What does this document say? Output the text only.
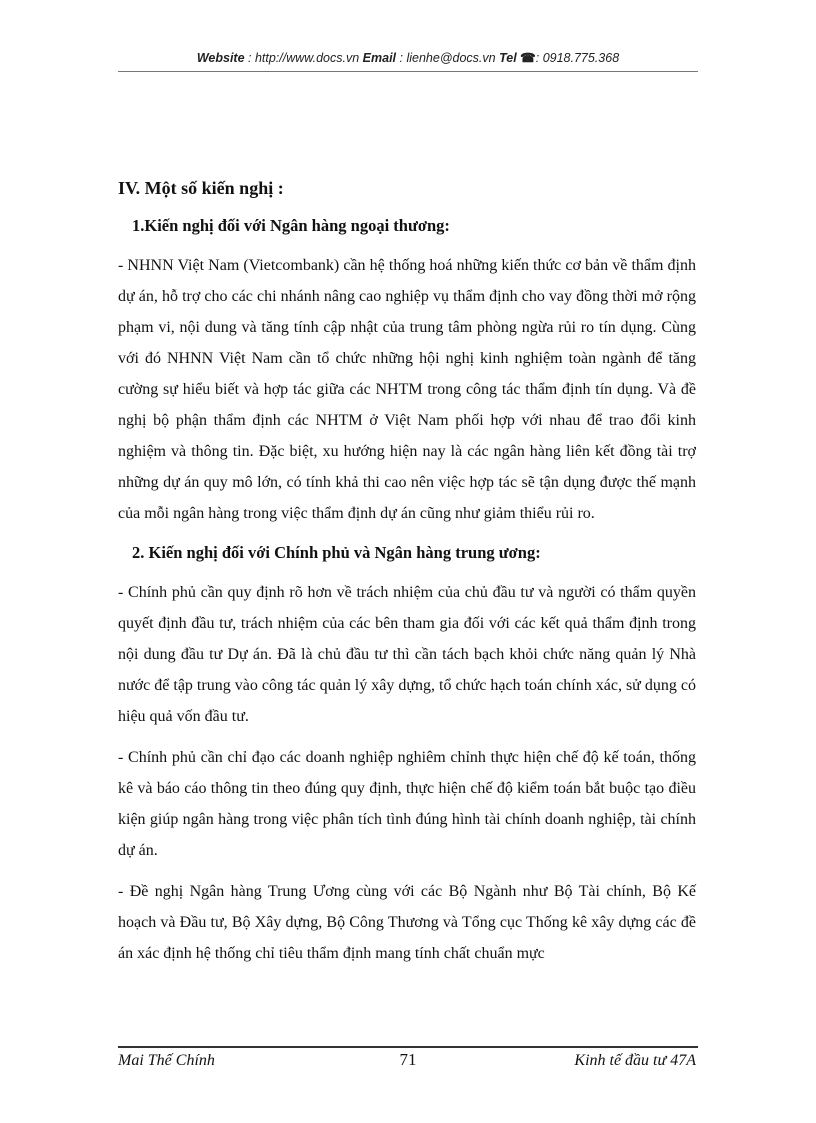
Website : http://www.docs.vn Email : lienhe@docs.vn Tel ☎: 0918.775.368
IV. Một số kiến nghị :
1.Kiến nghị đối với Ngân hàng ngoại thương:

- NHNN Việt Nam (Vietcombank) cần hệ thống hoá những kiến thức cơ bản về thẩm định dự án, hỗ trợ cho các chi nhánh nâng cao nghiệp vụ thẩm định cho vay đồng thời mở rộng phạm vi, nội dung và tăng tính cập nhật của trung tâm phòng ngừa rủi ro tín dụng. Cùng với đó NHNN Việt Nam cần tổ chức những hội nghị kinh nghiệm toàn ngành để tăng cường sự hiểu biết và hợp tác giữa các NHTM trong công tác thẩm định tín dụng. Và đề nghị bộ phận thẩm định các NHTM ở Việt Nam phối hợp với nhau để trao đổi kinh nghiệm và thông tin. Đặc biệt, xu hướng hiện nay là các ngân hàng liên kết đồng tài trợ những dự án quy mô lớn, có tính khả thi cao nên việc hợp tác sẽ tận dụng được thế mạnh của mỗi ngân hàng trong việc thẩm định dự án cũng như giảm thiểu rủi ro.

2. Kiến nghị đối với Chính phủ và Ngân hàng trung ương:

- Chính phủ cần quy định rõ hơn về trách nhiệm của chủ đầu tư và người có thẩm quyền quyết định đầu tư, trách nhiệm của các bên tham gia đối với các kết quả thẩm định trong nội dung đầu tư Dự án. Đã là chủ đầu tư thì cần tách bạch khỏi chức năng quản lý Nhà nước để tập trung vào công tác quản lý xây dựng, tổ chức hạch toán chính xác, sử dụng có hiệu quả vốn đầu tư.

- Chính phủ cần chỉ đạo các doanh nghiệp nghiêm chỉnh thực hiện chế độ kế toán, thống kê và báo cáo thông tin theo đúng quy định, thực hiện chế độ kiểm toán bắt buộc tạo điều kiện giúp ngân hàng trong việc phân tích tình đúng hình tài chính doanh nghiệp, tài chính dự án.

- Đề nghị Ngân hàng Trung Ương cùng với các Bộ Ngành như Bộ Tài chính, Bộ Kế hoạch và Đầu tư, Bộ Xây dựng, Bộ Công Thương và Tổng cục Thống kê xây dựng các đề án xác định hệ thống chỉ tiêu thẩm định mang tính chất chuẩn mực

Mai Thế Chính	71	Kinh tế đầu tư 47A
